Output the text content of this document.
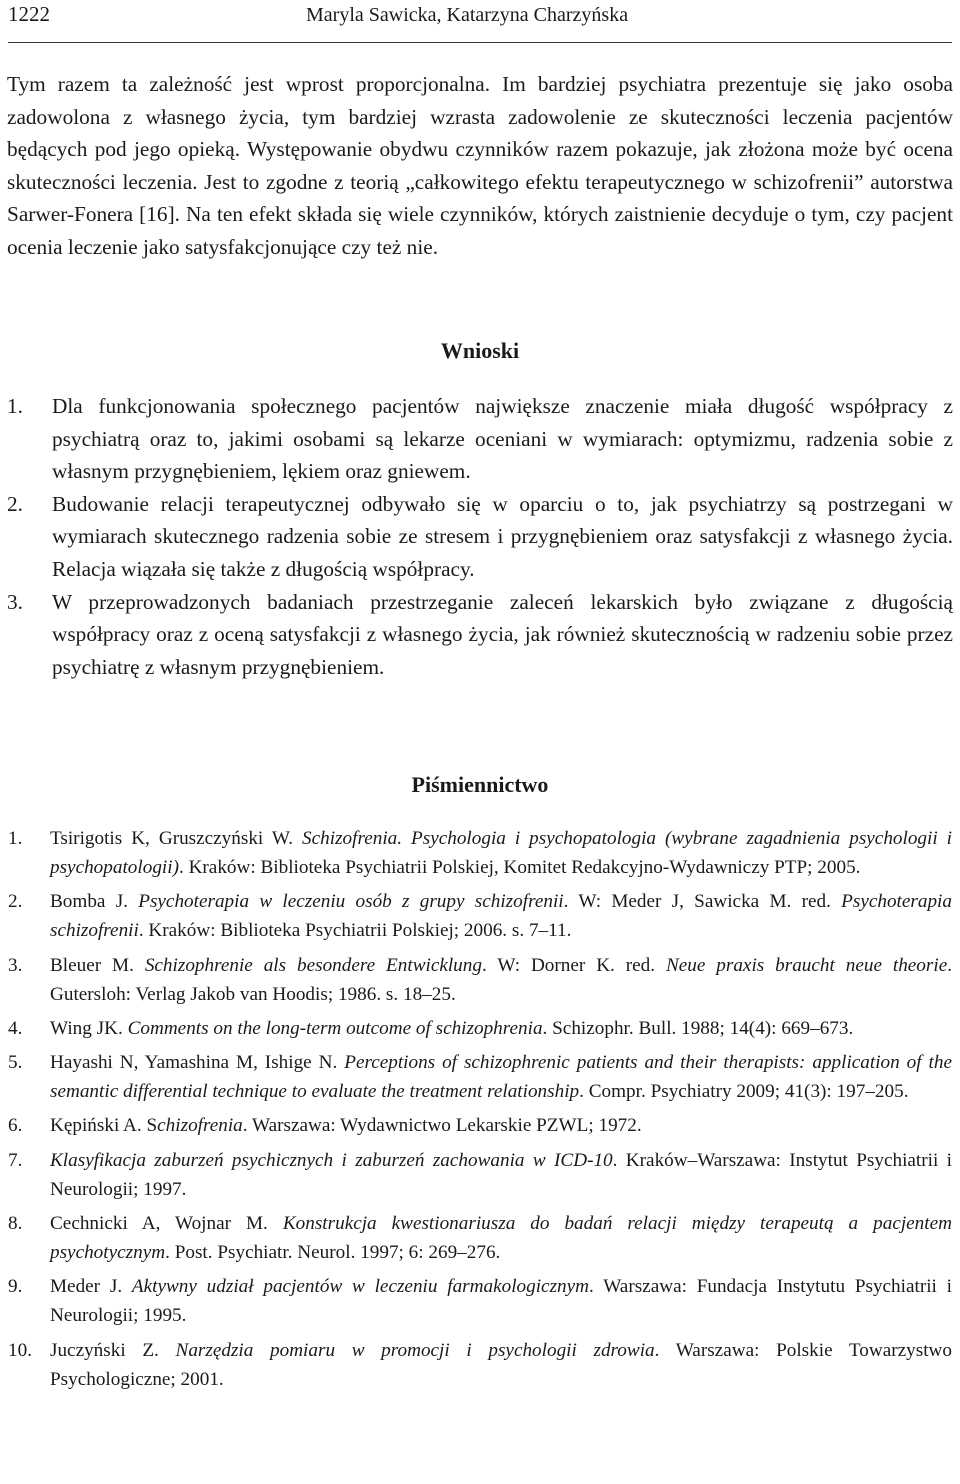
1222	Maryla Sawicka, Katarzyna Charzyńska

Tym razem ta zależność jest wprost proporcjonalna. Im bardziej psychiatra prezentuje się jako osoba zadowolona z własnego życia, tym bardziej wzrasta zadowolenie ze skuteczności leczenia pacjentów będących pod jego opieką. Występowanie obydwu czynników razem pokazuje, jak złożona może być ocena skuteczności leczenia. Jest to zgodne z teorią „całkowitego efektu terapeutycznego w schizofrenii” autorstwa Sarwer-Fonera [16]. Na ten efekt składa się wiele czynników, których zaistnienie decyduje o tym, czy pacjent ocenia leczenie jako satysfakcjonujące czy też nie.

Wnioski
1. Dla funkcjonowania społecznego pacjentów największe znaczenie miała długość współpracy z psychiatrą oraz to, jakimi osobami są lekarze oceniani w wymiarach: optymizmu, radzenia sobie z własnym przygnębieniem, lękiem oraz gniewem.
2. Budowanie relacji terapeutycznej odbywało się w oparciu o to, jak psychiatrzy są postrzegani w wymiarach skutecznego radzenia sobie ze stresem i przygnębieniem oraz satysfakcji z własnego życia. Relacja wiązała się także z długością współpracy.
3. W przeprowadzonych badaniach przestrzeganie zaleceń lekarskich było związane z długością współpracy oraz z oceną satysfakcji z własnego życia, jak również skutecznością w radzeniu sobie przez psychiatrę z własnym przygnębieniem.
Piśmiennictwo
1. Tsirigotis K, Gruszczyński W. Schizofrenia. Psychologia i psychopatologia (wybrane zagadnienia psychologii i psychopatologii). Kraków: Biblioteka Psychiatrii Polskiej, Komitet Redakcyjno-Wydawniczy PTP; 2005.
2. Bomba J. Psychoterapia w leczeniu osób z grupy schizofrenii. W: Meder J, Sawicka M. red. Psychoterapia schizofrenii. Kraków: Biblioteka Psychiatrii Polskiej; 2006. s. 7–11.
3. Bleuer M. Schizophrenie als besondere Entwicklung. W: Dorner K. red. Neue praxis braucht neue theorie. Gutersloh: Verlag Jakob van Hoodis; 1986. s. 18–25.
4. Wing JK. Comments on the long-term outcome of schizophrenia. Schizophr. Bull. 1988; 14(4): 669–673.
5. Hayashi N, Yamashina M, Ishige N. Perceptions of schizophrenic patients and their therapists: application of the semantic differential technique to evaluate the treatment relationship. Compr. Psychiatry 2009; 41(3): 197–205.
6. Kępiński A. Schizofrenia. Warszawa: Wydawnictwo Lekarskie PZWL; 1972.
7. Klasyfikacja zaburzeń psychicznych i zaburzeń zachowania w ICD-10. Kraków–Warszawa: Instytut Psychiatrii i Neurologii; 1997.
8. Cechnicki A, Wojnar M. Konstrukcja kwestionariusza do badań relacji między terapeutą a pacjentem psychotycznym. Post. Psychiatr. Neurol. 1997; 6: 269–276.
9. Meder J. Aktywny udział pacjentów w leczeniu farmakologicznym. Warszawa: Fundacja Instytutu Psychiatrii i Neurologii; 1995.
10. Juczyński Z. Narzędzia pomiaru w promocji i psychologii zdrowia. Warszawa: Polskie Towarzystwo Psychologiczne; 2001.
